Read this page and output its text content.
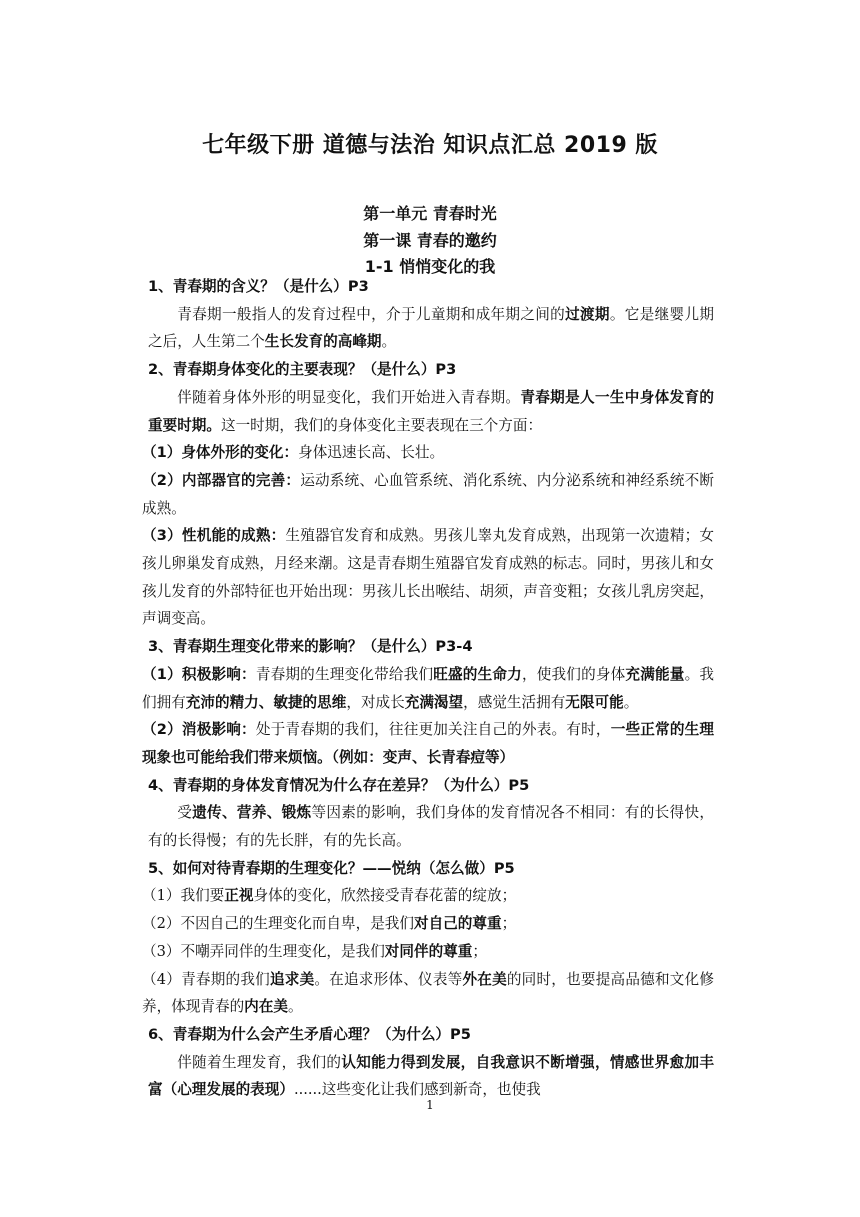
七年级下册 道德与法治 知识点汇总 2019 版
第一单元 青春时光
第一课 青春的邀约
1-1 悄悄变化的我

1、青春期的含义？（是什么）P3

青春期一般指人的发育过程中，介于儿童期和成年期之间的过渡期。它是继婴儿期之后，人生第二个生长发育的高峰期。

2、青春期身体变化的主要表现？（是什么）P3

伴随着身体外形的明显变化，我们开始进入青春期。青春期是人一生中身体发育的重要时期。这一时期，我们的身体变化主要表现在三个方面：

（1）身体外形的变化：身体迅速长高、长壮。

（2）内部器官的完善：运动系统、心血管系统、消化系统、内分泌系统和神经系统不断成熟。

（3）性机能的成熟：生殖器官发育和成熟。男孩儿睾丸发育成熟，出现第一次遗精；女孩儿卵巢发育成熟，月经来潮。这是青春期生殖器官发育成熟的标志。同时，男孩儿和女孩儿发育的外部特征也开始出现：男孩儿长出喉结、胡须，声音变粗；女孩儿乳房突起，声调变高。

3、青春期生理变化带来的影响？（是什么）P3-4

（1）积极影响：青春期的生理变化带给我们旺盛的生命力，使我们的身体充满能量。我们拥有充沛的精力、敏捷的思维，对成长充满渴望，感觉生活拥有无限可能。

（2）消极影响：处于青春期的我们，往往更加关注自己的外表。有时，一些正常的生理现象也可能给我们带来烦恼。（例如：变声、长青春痘等）

4、青春期的身体发育情况为什么存在差异？（为什么）P5

受遗传、营养、锻炼等因素的影响，我们身体的发育情况各不相同：有的长得快，有的长得慢；有的先长胖，有的先长高。

5、如何对待青春期的生理变化？——悦纳（怎么做）P5

（1）我们要正视身体的变化，欣然接受青春花蕾的绽放；

（2）不因自己的生理变化而自卑，是我们对自己的尊重；

（3）不嘲弄同伴的生理变化，是我们对同伴的尊重；

（4）青春期的我们追求美。在追求形体、仪表等外在美的同时，也要提高品德和文化修养，体现青春的内在美。

6、青春期为什么会产生矛盾心理？（为什么）P5

伴随着生理发育，我们的认知能力得到发展，自我意识不断增强，情感世界愈加丰富（心理发展的表现）......这些变化让我们感到新奇，也使我

1
